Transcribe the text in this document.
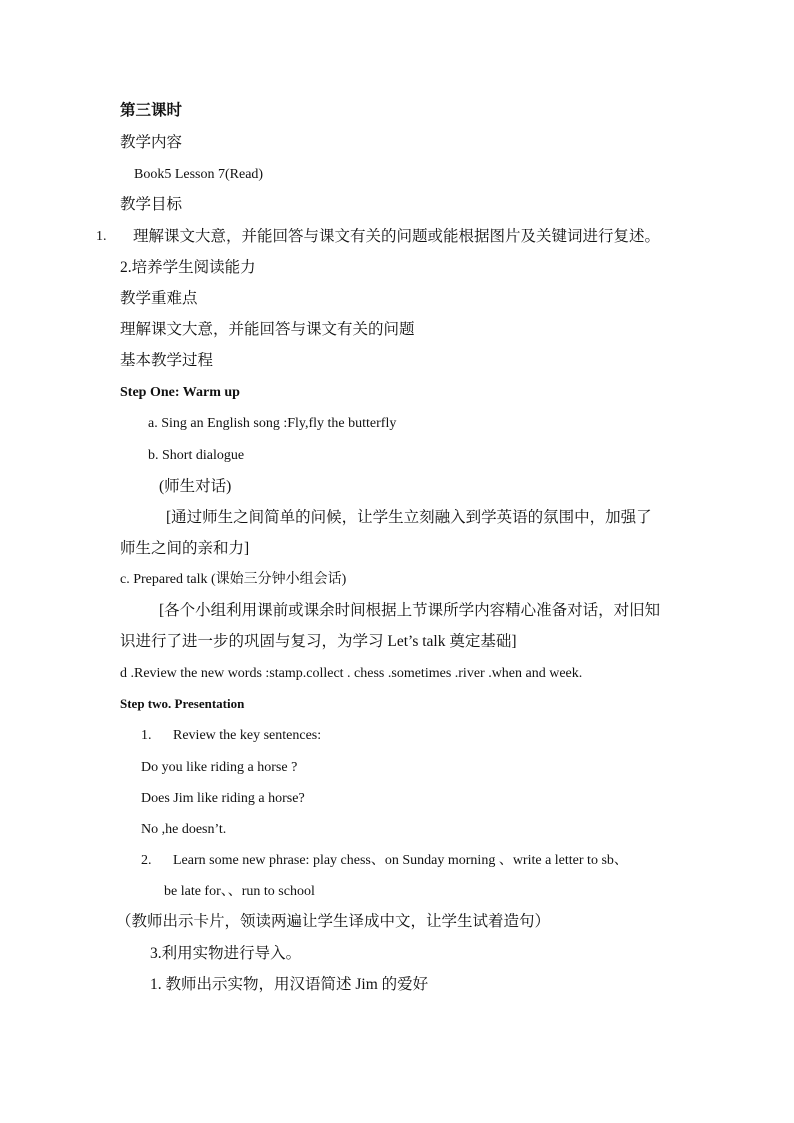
第三课时
教学内容
Book5 Lesson 7(Read)
教学目标
1. 理解课文大意，并能回答与课文有关的问题或能根据图片及关键词进行复述。
2.培养学生阅读能力
教学重难点
理解课文大意，并能回答与课文有关的问题
基本教学过程
Step One: Warm up
a. Sing an English song :Fly,fly the butterfly
b. Short dialogue
(师生对话)
[通过师生之间简单的问候，让学生立刻融入到学英语的氛围中，加强了
师生之间的亲和力]
c. Prepared talk (课始三分钟小组会话)
[各个小组利用课前或课余时间根据上节课所学内容精心准备对话，对旧知
识进行了进一步的巩固与复习，为学习 Let’s talk 奠定基础]
d .Review the new words :stamp.collect . chess .sometimes .river .when and week.
Step two. Presentation
1. Review the key sentences:
Do you like riding a horse ?
Does Jim like riding a horse?
No ,he doesn’t.
2. Learn some new phrase: play chess、on Sunday morning 、write a letter to sb、
be late for、、run to school
（教师出示卡片，领读两遍让学生译成中文，让学生试着造句）
3.利用实物进行导入。
1. 教师出示实物，用汉语简述 Jim 的爱好
